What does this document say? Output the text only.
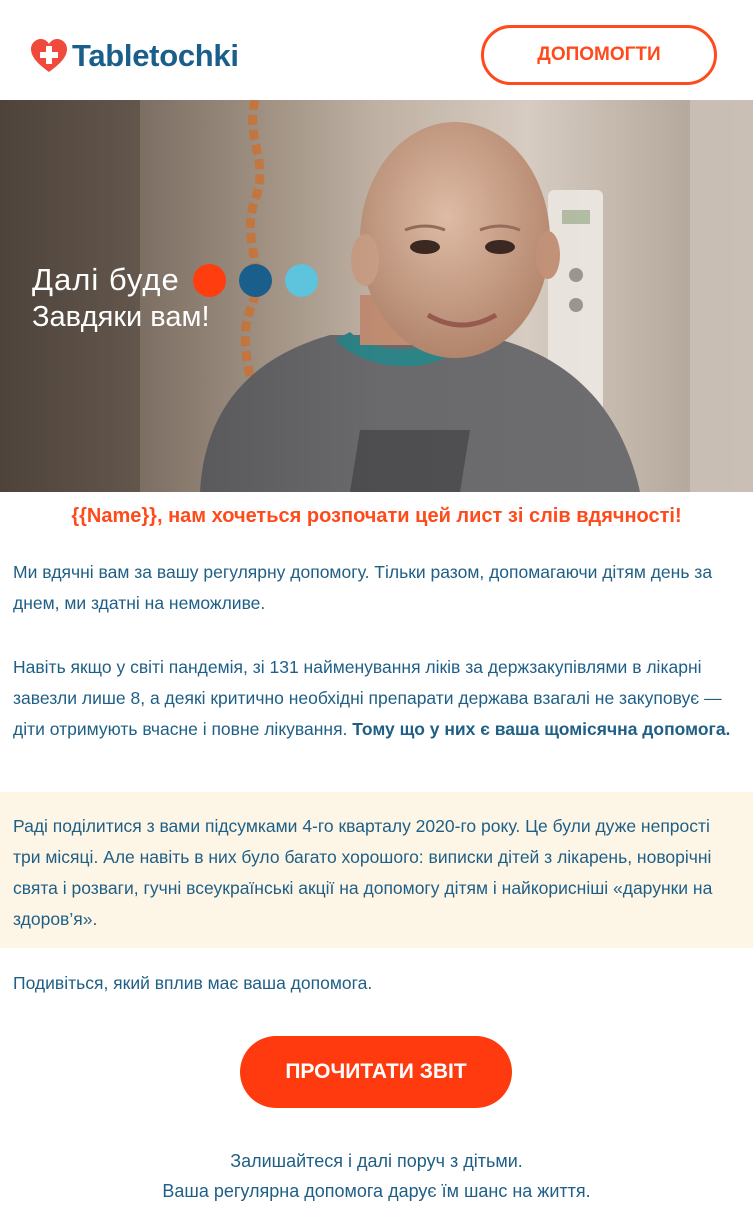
Tabletochki	ДОПОМОГТИ
Далі буде
Завдяки вам!
{{Name}}, нам хочеться розпочати цей лист зі слів вдячності!

Ми вдячні вам за вашу регулярну допомогу. Тільки разом, допомагаючи дітям день за днем, ми здатні на неможливе.

Навіть якщо у світі пандемія, зі 131 найменування ліків за держзакупівлями в лікарні завезли лише 8, а деякі критично необхідні препарати держава взагалі не закуповує — діти отримують вчасне і повне лікування. Тому що у них є ваша щомісячна допомога.

Раді поділитися з вами підсумками 4-го кварталу 2020-го року. Це були дуже непрості три місяці. Але навіть в них було багато хорошого: виписки дітей з лікарень, новорічні свята і розваги, гучні всеукраїнські акції на допомогу дітям і найкорисніші «дарунки на здоров’я».

Подивіться, який вплив має ваша допомога.

ПРОЧИТАТИ ЗВІТ
Залишайтеся і далі поруч з дітьми.
Ваша регулярна допомога дарує їм шанс на життя.
